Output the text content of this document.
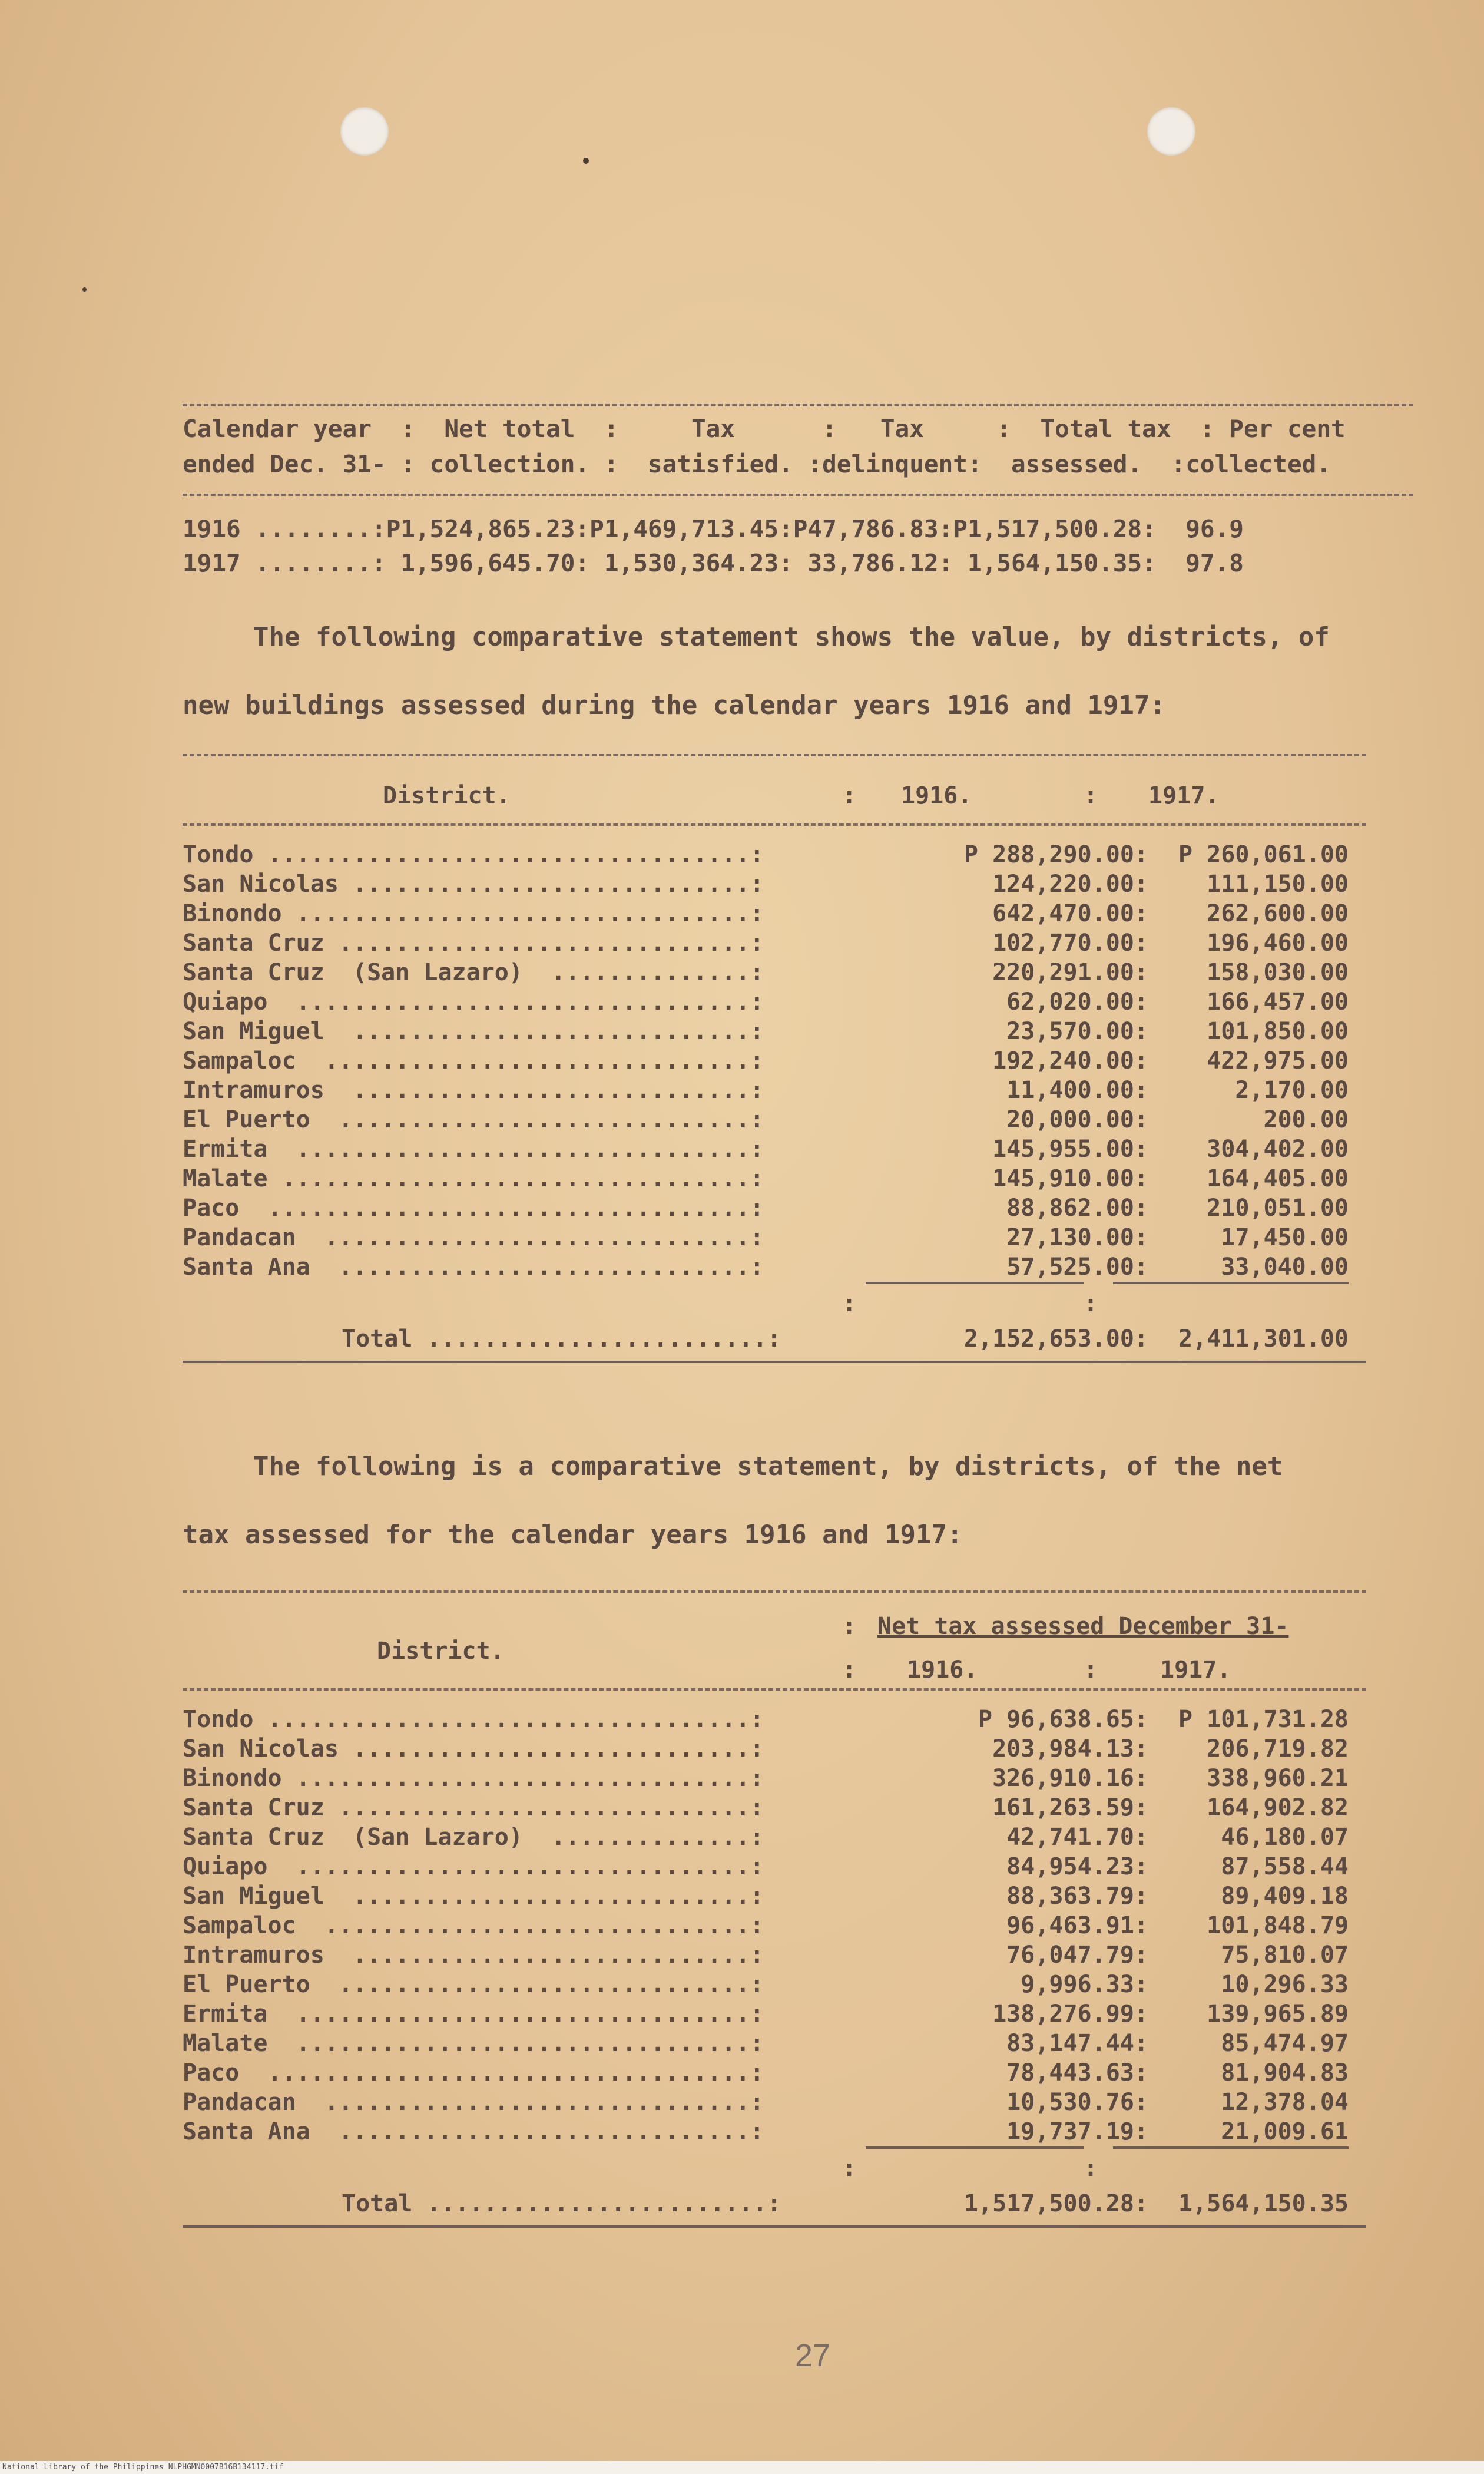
Calendar year  :  Net total  :     Tax      :   Tax     :  Total tax  : Per cent
ended Dec. 31- : collection. :  satisfied. :delinquent:  assessed.  :collected.
1916 ........:P1,524,865.23:P1,469,713.45:P47,786.83:P1,517,500.28:  96.9
1917 ........: 1,596,645.70: 1,530,364.23: 33,786.12: 1,564,150.35:  97.8
The following comparative statement shows the value, by districts, of
new buildings assessed during the calendar years 1916 and 1917:
District.	: 1916.	: 1917.
Tondo ..................................:	P 288,290.00: P 260,061.00
San Nicolas ............................:	124,220.00: 111,150.00
Binondo ................................:	642,470.00: 262,600.00
Santa Cruz .............................:	102,770.00: 196,460.00
Santa Cruz  (San Lazaro)  ..............:	220,291.00: 158,030.00
Quiapo  ................................:	62,020.00: 166,457.00
San Miguel  ............................:	23,570.00: 101,850.00
Sampaloc  ..............................:	192,240.00: 422,975.00
Intramuros  ............................:	11,400.00:	2,170.00
El Puerto  .............................:	20,000.00:	200.00
Ermita  ................................:	145,955.00: 304,402.00
Malate .................................:	145,910.00: 164,405.00
Paco  ..................................:	88,862.00: 210,051.00
Pandacan  ..............................:	27,130.00:	17,450.00
Santa Ana  .............................:	57,525.00:	33,040.00
:	:
Total ........................:	2,152,653.00: 2,411,301.00
The following is a comparative statement, by districts, of the net
tax assessed for the calendar years 1916 and 1917:
: Net tax assessed December 31-
District.
: 1916.	:	1917.
Tondo ..................................:	P 96,638.65: P 101,731.28
San Nicolas ............................:	203,984.13: 206,719.82
Binondo ................................:	326,910.16: 338,960.21
Santa Cruz .............................:	161,263.59: 164,902.82
Santa Cruz  (San Lazaro)  ..............:	42,741.70:	46,180.07
Quiapo  ................................:	84,954.23:	87,558.44
San Miguel  ............................:	88,363.79:	89,409.18
Sampaloc  ..............................:	96,463.91: 101,848.79
Intramuros  ............................:	76,047.79:	75,810.07
El Puerto  .............................:	9,996.33:	10,296.33
Ermita  ................................:	138,276.99: 139,965.89
Malate  ................................:	83,147.44:	85,474.97
Paco  ..................................:	78,443.63:	81,904.83
Pandacan  ..............................:	10,530.76:	12,378.04
Santa Ana  .............................:	19,737.19:	21,009.61
:	:
Total ........................:	1,517,500.28: 1,564,150.35
27
National Library of the Philippines NLPHGMN0007B16B134117.tif
